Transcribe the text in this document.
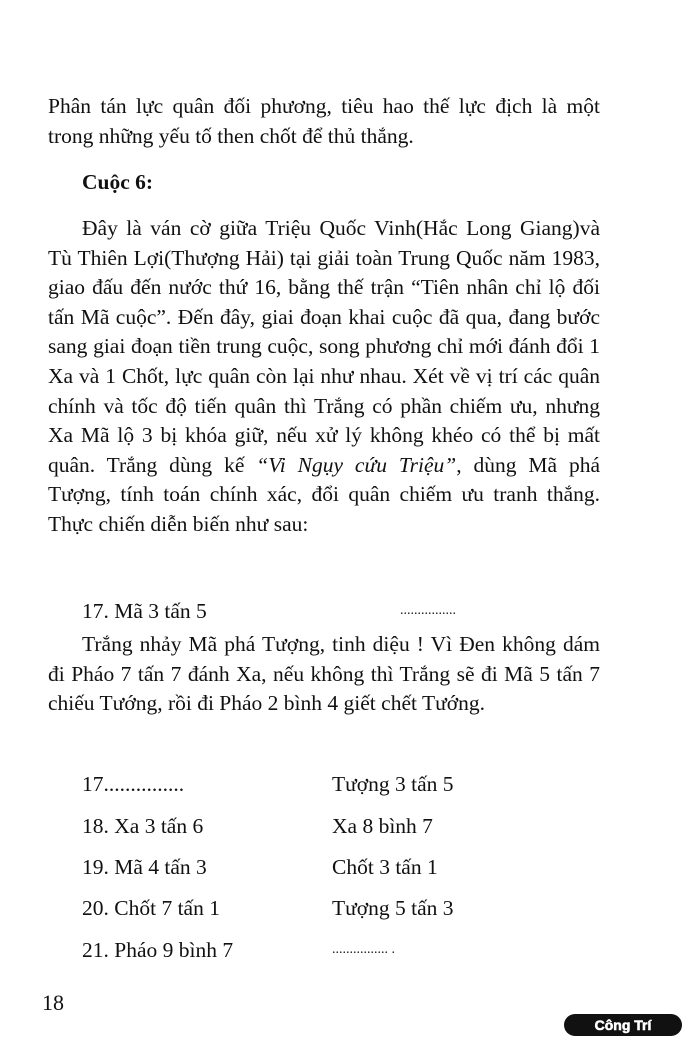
Phân tán lực quân đối phương, tiêu hao thế lực địch là một trong những yếu tố then chốt để thủ thắng.

Cuộc 6:

Đây là ván cờ giữa Triệu Quốc Vinh(Hắc Long Giang)và Tù Thiên Lợi(Thượng Hải) tại giải toàn Trung Quốc năm 1983, giao đấu đến nước thứ 16, bằng thế trận “Tiên nhân chỉ lộ đối tấn Mã cuộc”. Đến đây, giai đoạn khai cuộc đã qua, đang bước sang giai đoạn tiền trung cuộc, song phương chỉ mới đánh đổi 1 Xa và 1 Chốt, lực quân còn lại như nhau. Xét về vị trí các quân chính và tốc độ tiến quân thì Trắng có phần chiếm ưu, nhưng Xa Mã lộ 3 bị khóa giữ, nếu xử lý không khéo có thể bị mất quân. Trắng dùng kế “Vi Ngụy cứu Triệu”, dùng Mã phá Tượng, tính toán chính xác, đổi quân chiếm ưu tranh thắng. Thực chiến diễn biến như sau:

17. Mã 3 tấn 5	................

Trắng nhảy Mã phá Tượng, tinh diệu ! Vì Đen không dám đi Pháo 7 tấn 7 đánh Xa, nếu không thì Trắng sẽ đi Mã 5 tấn 7 chiếu Tướng, rồi đi Pháo 2 bình 4 giết chết Tướng.

17...............	Tượng 3 tấn 5
18. Xa 3 tấn 6	Xa 8 bình 7
19. Mã 4 tấn 3	Chốt 3 tấn 1
20. Chốt 7 tấn 1	Tượng 5 tấn 3
21. Pháo 9 bình 7	................ .

18

Công Trí
